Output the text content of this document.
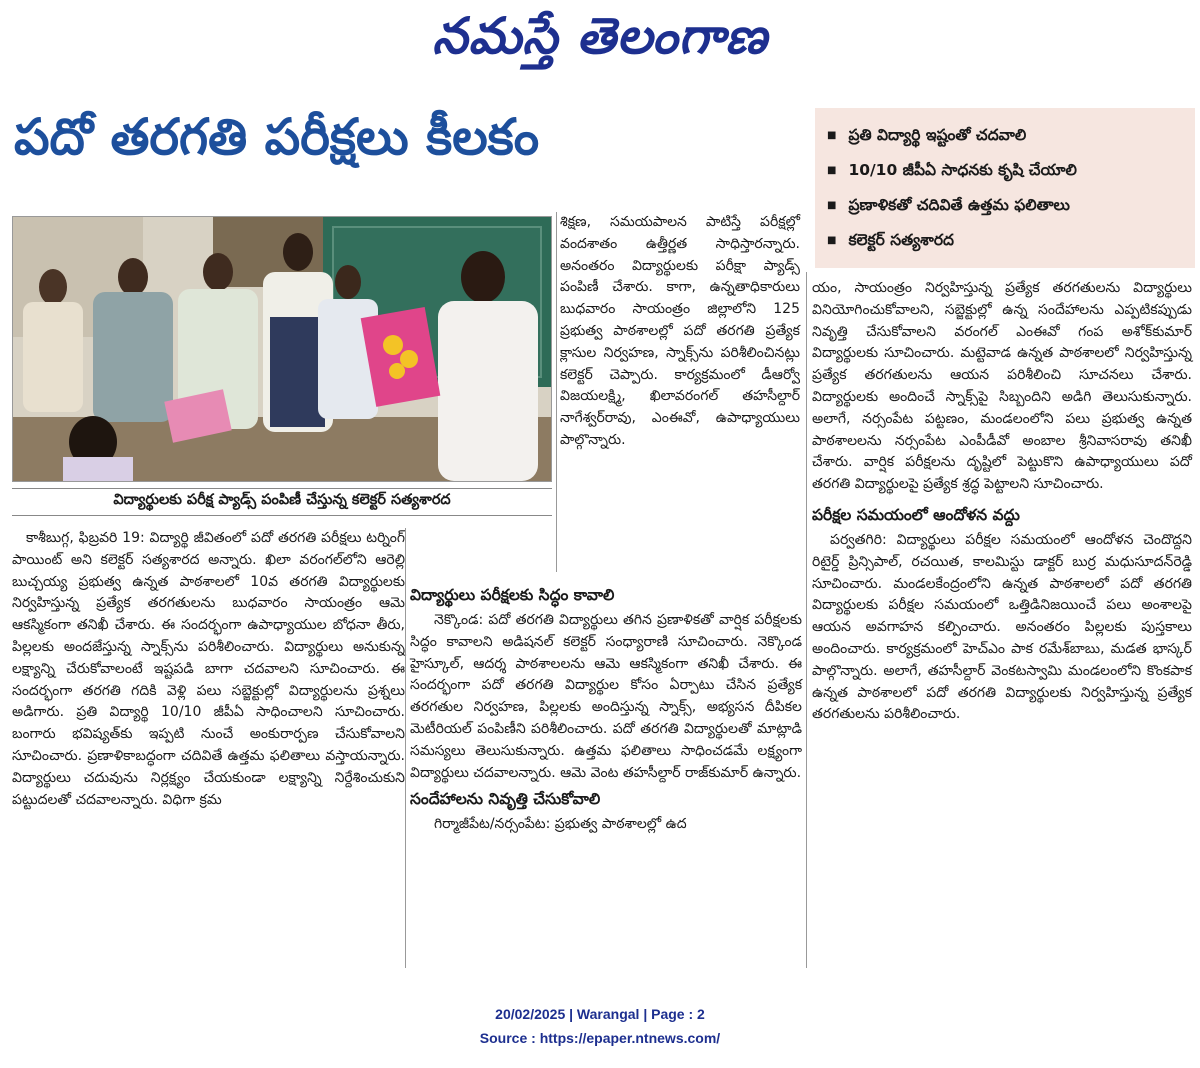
నమస్తే తెలంగాణ
పదో తరగతి పరీక్షలు కీలకం
■	ప్రతి విద్యార్థి ఇష్టంతో చదవాలి
■ 10/10 జీపీఏ సాధనకు కృషి చేయాలి
■ ప్రణాళికతో చదివితే ఉత్తమ ఫలితాలు
■ కలెక్టర్ సత్యశారద
విద్యార్థులకు పరీక్ష ప్యాడ్స్ పంపిణీ చేస్తున్న కలెక్టర్ సత్యశారద

కాశీబుగ్గ, ఫిబ్రవరి 19: విద్యార్థి జీవితంలో పదో తరగతి పరీక్షలు టర్నింగ్ పాయింట్ అని కలెక్టర్ సత్యశారద అన్నారు. ఖిలా వరంగల్‌లోని ఆరెల్లి బుచ్చయ్య ప్రభుత్వ ఉన్నత పాఠశాలలో 10వ తరగతి విద్యార్థులకు నిర్వహిస్తున్న ప్రత్యేక తరగతులను బుధవారం సాయంత్రం ఆమె ఆకస్మికంగా తనిఖీ చేశారు. ఈ సందర్భంగా ఉపాధ్యాయుల బోధనా తీరు, పిల్లలకు అందజేస్తున్న స్నాక్స్‌ను పరిశీలించారు. విద్యార్థులు అనుకున్న లక్ష్యాన్ని చేరుకోవాలంటే ఇష్టపడి బాగా చదవాలని సూచించారు. ఈ సందర్భంగా తరగతి గదికి వెళ్లి పలు సబ్జెక్టుల్లో విద్యార్థులను ప్రశ్నలు అడిగారు. ప్రతి విద్యార్థి 10/10 జీపీఏ సాధించాలని సూచించారు. బంగారు భవిష్యత్‌కు ఇప్పటి నుంచే అంకురార్పణ చేసుకోవాలని సూచించారు. ప్రణాళికాబద్ధంగా చదివితే ఉత్తమ ఫలితాలు వస్తాయన్నారు. విద్యార్థులు చదువును నిర్లక్ష్యం చేయకుండా లక్ష్యాన్ని నిర్దేశించుకుని పట్టుదలతో చదవాలన్నారు. విధిగా క్రమ

శిక్షణ, సమయపాలన పాటిస్తే పరీక్షల్లో వందశాతం ఉత్తీర్ణత సాధిస్తారన్నారు. అనంతరం విద్యార్థులకు పరీక్షా ప్యాడ్స్ పంపిణీ చేశారు. కాగా, ఉన్నతాధికారులు బుధవారం సాయంత్రం జిల్లాలోని 125 ప్రభుత్వ పాఠశాలల్లో పదో తరగతి ప్రత్యేక క్లాసుల నిర్వహణ, స్నాక్స్‌ను పరిశీలించినట్లు కలెక్టర్ చెప్పారు. కార్యక్రమంలో డీఆర్వో విజయలక్ష్మి, ఖిలావరంగల్ తహసీల్దార్ నాగేశ్వర్‌రావు, ఎంఈవో, ఉపాధ్యాయులు పాల్గొన్నారు.

విద్యార్థులు పరీక్షలకు సిద్ధం కావాలి

నెక్కొండ: పదో తరగతి విద్యార్థులు తగిన ప్రణాళికతో వార్షిక పరీక్షలకు సిద్ధం కావాలని అడిషనల్ కలెక్టర్ సంధ్యారాణి సూచించారు. నెక్కొండ హైస్కూల్, ఆదర్శ పాఠశాలలను ఆమె ఆకస్మికంగా తనిఖీ చేశారు. ఈ సందర్భంగా పదో తరగతి విద్యార్థుల కోసం ఏర్పాటు చేసిన ప్రత్యేక తరగతుల నిర్వహణ, పిల్లలకు అందిస్తున్న స్నాక్స్, అభ్యసన దీపికల మెటీరియల్ పంపిణీని పరిశీలించారు. పదో తరగతి విద్యార్థులతో మాట్లాడి సమస్యలు తెలుసుకున్నారు. ఉత్తమ ఫలితాలు సాధించడమే లక్ష్యంగా విద్యార్థులు చదవాలన్నారు. ఆమె వెంట తహసీల్దార్ రాజ్‌కుమార్ ఉన్నారు.

సందేహాలను నివృత్తి చేసుకోవాలి

గిర్మాజీపేట/నర్సంపేట: ప్రభుత్వ పాఠశాలల్లో ఉద

యం, సాయంత్రం నిర్వహిస్తున్న ప్రత్యేక తరగతులను విద్యార్థులు వినియోగించుకోవాలని, సబ్జెక్టుల్లో ఉన్న సందేహాలను ఎప్పటికప్పుడు నివృత్తి చేసుకోవాలని వరంగల్ ఎంఈవో గంప అశోక్‌కుమార్ విద్యార్థులకు సూచించారు. మట్టెవాడ ఉన్నత పాఠశాలలో నిర్వహిస్తున్న ప్రత్యేక తరగతులను ఆయన పరిశీలించి సూచనలు చేశారు. విద్యార్థులకు అందించే స్నాక్స్‌పై సిబ్బందిని అడిగి తెలుసుకున్నారు. అలాగే, నర్సంపేట పట్టణం, మండలంలోని పలు ప్రభుత్వ ఉన్నత పాఠశాలలను నర్సంపేట ఎంపీడీవో అంబాల శ్రీనివాసరావు తనిఖీ చేశారు. వార్షిక పరీక్షలను దృష్టిలో పెట్టుకొని ఉపాధ్యాయులు పదో తరగతి విద్యార్థులపై ప్రత్యేక శ్రద్ధ పెట్టాలని సూచించారు.

పరీక్షల సమయంలో ఆందోళన వద్దు

పర్వతగిరి: విద్యార్థులు పరీక్షల సమయంలో ఆందోళన చెందొద్దని రిటైర్డ్ ప్రిన్సిపాల్, రచయిత, కాలమిస్టు డాక్టర్ బుర్ర మధుసూదన్‌రెడ్డి సూచించారు. మండలకేంద్రంలోని ఉన్నత పాఠశాలలో పదో తరగతి విద్యార్థులకు పరీక్షల సమయంలో ఒత్తిడినిజయించే పలు అంశాలపై ఆయన అవగాహన కల్పించారు. అనంతరం పిల్లలకు పుస్తకాలు అందించారు. కార్యక్రమంలో హెచ్‌ఎం పాక రమేశ్‌బాబు, మడత భాస్కర్ పాల్గొన్నారు. అలాగే, తహసీల్దార్ వెంకటస్వామి మండలంలోని కొంకపాక ఉన్నత పాఠశాలలో పదో తరగతి విద్యార్థులకు నిర్వహిస్తున్న ప్రత్యేక తరగతులను పరిశీలించారు.

20/02/2025 | Warangal | Page : 2
Source : https://epaper.ntnews.com/
